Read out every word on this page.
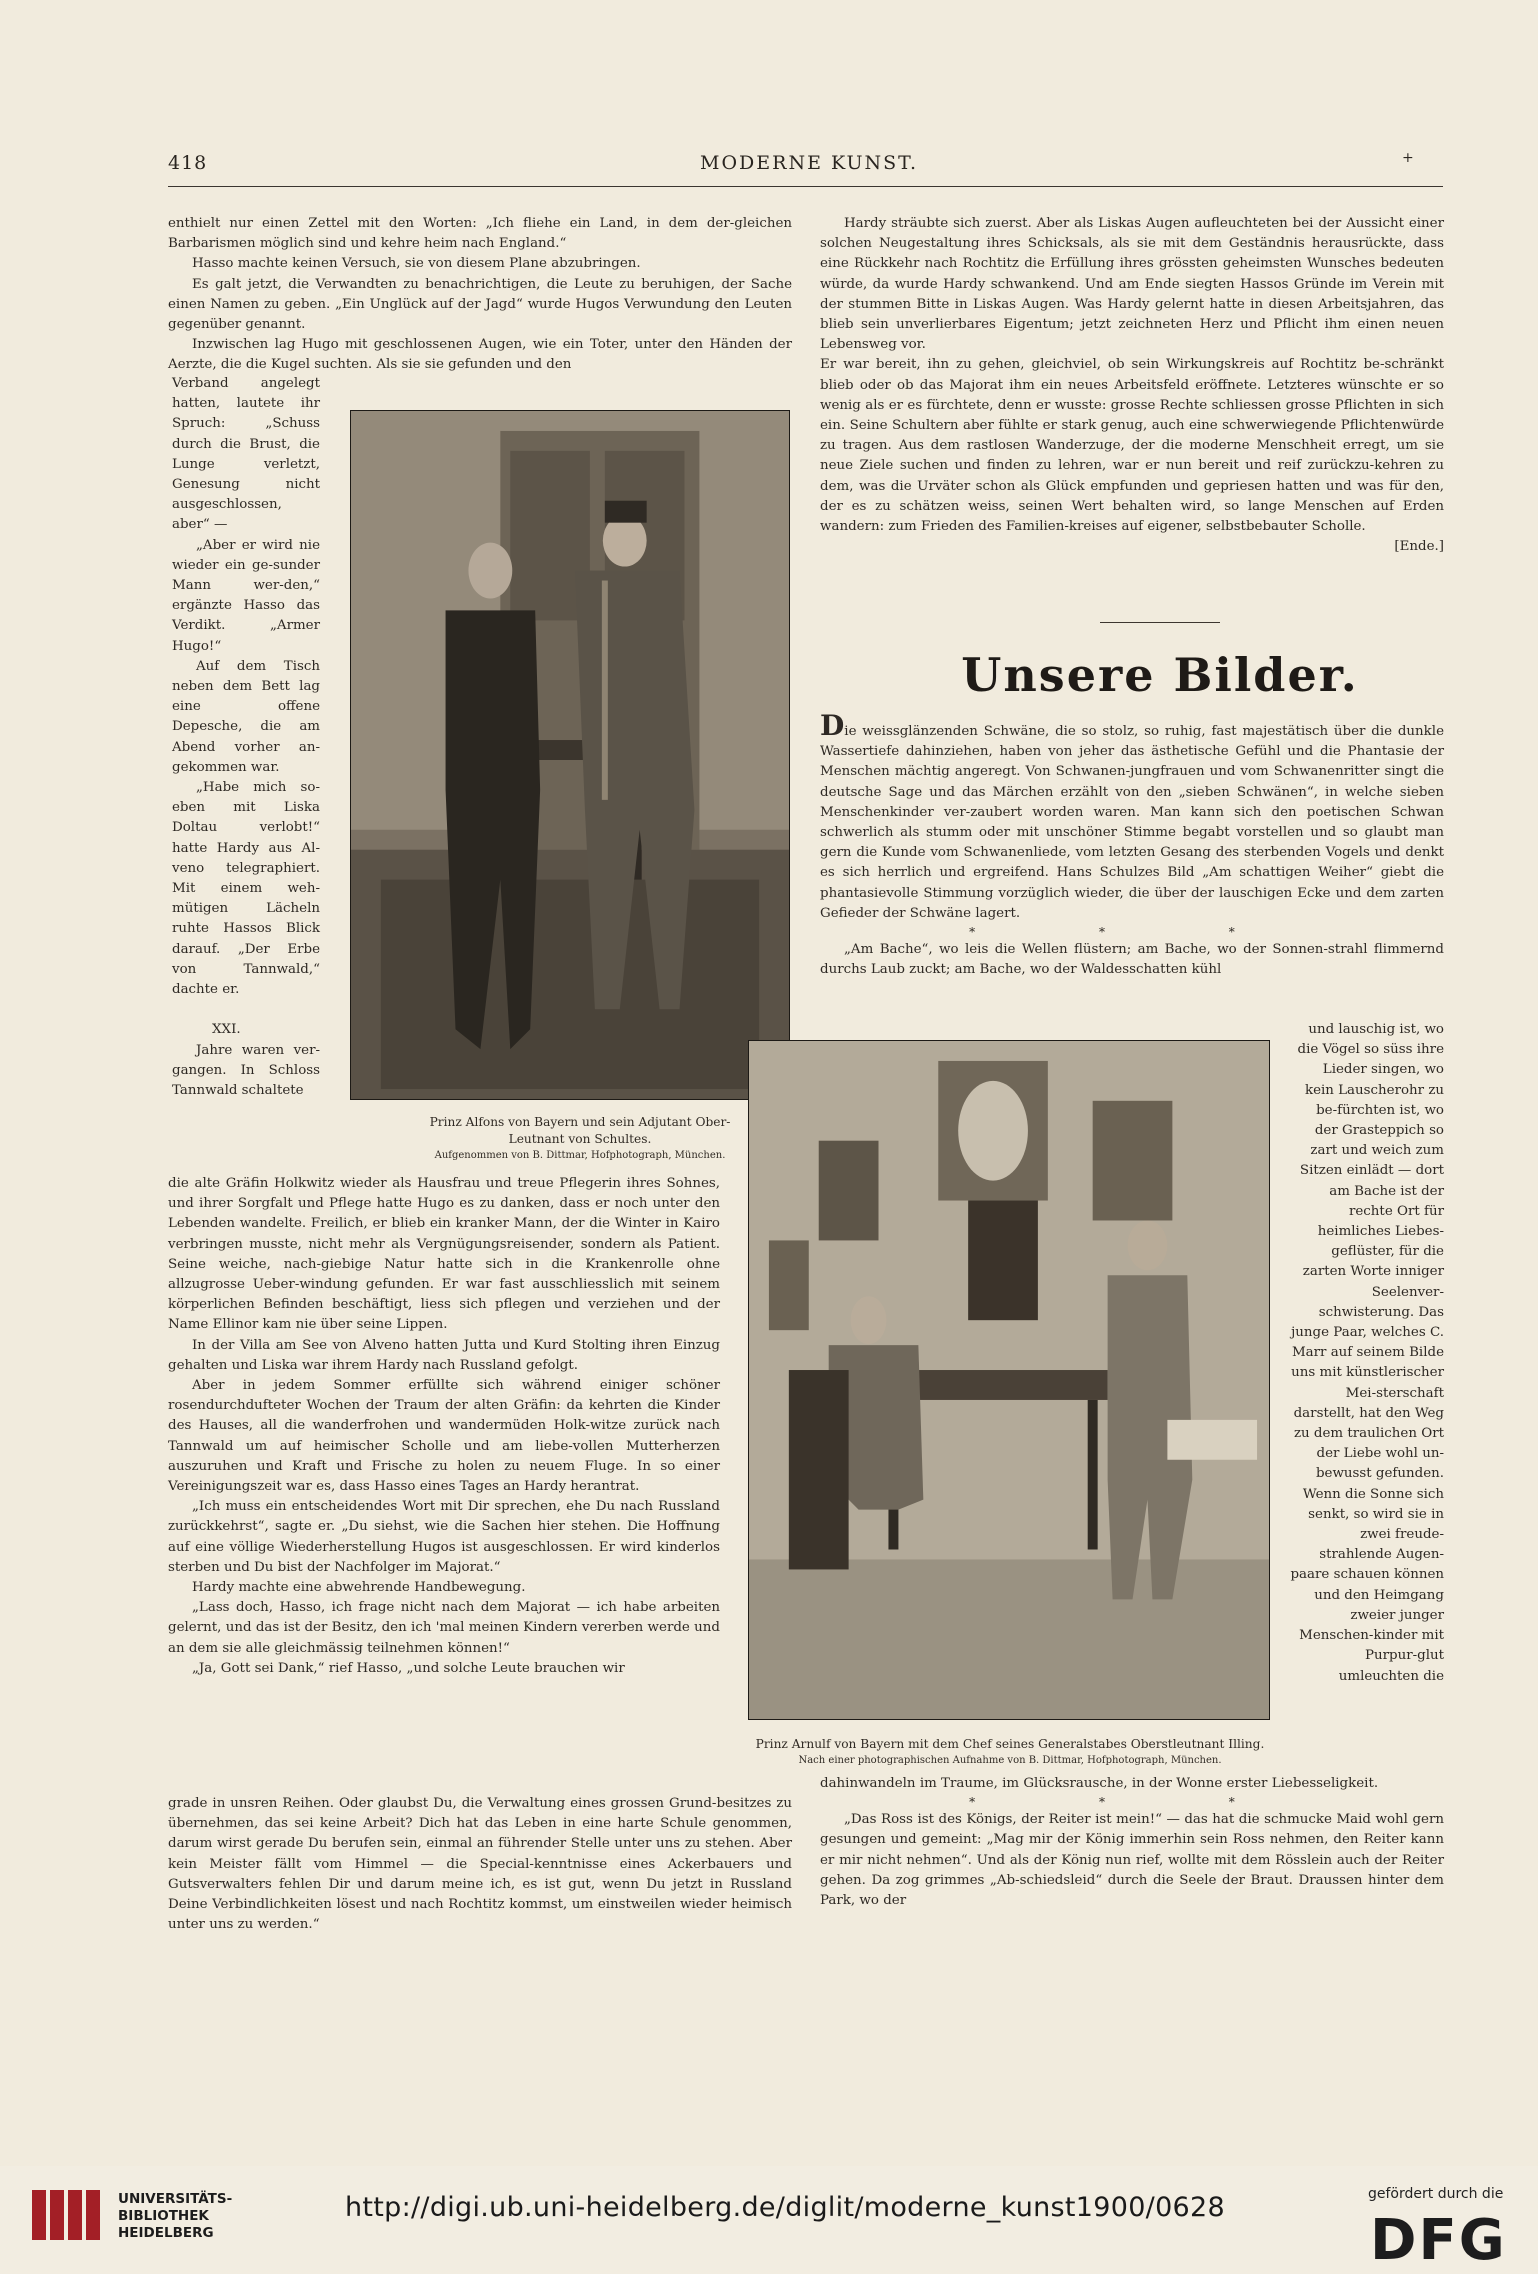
418	MODERNE KUNST.	+

enthielt nur einen Zettel mit den Worten: „Ich fliehe ein Land, in dem der-gleichen Barbarismen möglich sind und kehre heim nach England.“

Hasso machte keinen Versuch, sie von diesem Plane abzubringen.

Es galt jetzt, die Verwandten zu benachrichtigen, die Leute zu beruhigen, der Sache einen Namen zu geben. „Ein Unglück auf der Jagd“ wurde Hugos Verwundung den Leuten gegenüber genannt.

Inzwischen lag Hugo mit geschlossenen Augen, wie ein Toter, unter den Händen der Aerzte, die die Kugel suchten. Als sie sie gefunden und den

Verband angelegt hatten, lautete ihr Spruch: „Schuss durch die Brust, die Lunge verletzt, Genesung nicht ausgeschlossen, aber“ —

„Aber er wird nie wieder ein ge-sunder Mann wer-den,“ ergänzte Hasso das Verdikt. „Armer Hugo!“

Auf dem Tisch neben dem Bett lag eine offene Depesche, die am Abend vorher an-gekommen war.

„Habe mich so-eben mit Liska Doltau verlobt!“ hatte Hardy aus Al-veno telegraphiert. Mit einem weh-mütigen Lächeln ruhte Hassos Blick darauf. „Der Erbe von Tannwald,“ dachte er.

XXI.

Jahre waren ver-gangen. In Schloss Tannwald schaltete

Prinz Alfons von Bayern und sein Adjutant Ober-
Leutnant von Schultes.
Aufgenommen von B. Dittmar, Hofphotograph, München.

die alte Gräfin Holkwitz wieder als Hausfrau und treue Pflegerin ihres Sohnes, und ihrer Sorgfalt und Pflege hatte Hugo es zu danken, dass er noch unter den Lebenden wandelte. Freilich, er blieb ein kranker Mann, der die Winter in Kairo verbringen musste, nicht mehr als Vergnügungsreisender, sondern als Patient. Seine weiche, nach-giebige Natur hatte sich in die Krankenrolle ohne allzugrosse Ueber-windung gefunden. Er war fast ausschliesslich mit seinem körperlichen Befinden beschäftigt, liess sich pflegen und verziehen und der Name Ellinor kam nie über seine Lippen.

In der Villa am See von Alveno hatten Jutta und Kurd Stolting ihren Einzug gehalten und Liska war ihrem Hardy nach Russland gefolgt.

Aber in jedem Sommer erfüllte sich während einiger schöner rosendurchdufteter Wochen der Traum der alten Gräfin: da kehrten die Kinder des Hauses, all die wanderfrohen und wandermüden Holk-witze zurück nach Tannwald um auf heimischer Scholle und am liebe-vollen Mutterherzen auszuruhen und Kraft und Frische zu holen zu neuem Fluge. In so einer Vereinigungszeit war es, dass Hasso eines Tages an Hardy herantrat.

„Ich muss ein entscheidendes Wort mit Dir sprechen, ehe Du nach Russland zurückkehrst“, sagte er. „Du siehst, wie die Sachen hier stehen. Die Hoffnung auf eine völlige Wiederherstellung Hugos ist ausgeschlossen. Er wird kinderlos sterben und Du bist der Nachfolger im Majorat.“

Hardy machte eine abwehrende Handbewegung.

„Lass doch, Hasso, ich frage nicht nach dem Majorat — ich habe arbeiten gelernt, und das ist der Besitz, den ich 'mal meinen Kindern vererben werde und an dem sie alle gleichmässig teilnehmen können!“

„Ja, Gott sei Dank,“ rief Hasso, „und solche Leute brauchen wir

grade in unsren Reihen. Oder glaubst Du, die Verwaltung eines grossen Grund-besitzes zu übernehmen, das sei keine Arbeit? Dich hat das Leben in eine harte Schule genommen, darum wirst gerade Du berufen sein, einmal an führender Stelle unter uns zu stehen. Aber kein Meister fällt vom Himmel — die Special-kenntnisse eines Ackerbauers und Gutsverwalters fehlen Dir und darum meine ich, es ist gut, wenn Du jetzt in Russland Deine Verbindlichkeiten lösest und nach Rochtitz kommst, um einstweilen wieder heimisch unter uns zu werden.“

Hardy sträubte sich zuerst. Aber als Liskas Augen aufleuchteten bei der Aussicht einer solchen Neugestaltung ihres Schicksals, als sie mit dem Geständnis herausrückte, dass eine Rückkehr nach Rochtitz die Erfüllung ihres grössten geheimsten Wunsches bedeuten würde, da wurde Hardy schwankend. Und am Ende siegten Hassos Gründe im Verein mit der stummen Bitte in Liskas Augen. Was Hardy gelernt hatte in diesen Arbeitsjahren, das blieb sein unverlierbares Eigentum; jetzt zeichneten Herz und Pflicht ihm einen neuen Lebensweg vor.

Er war bereit, ihn zu gehen, gleichviel, ob sein Wirkungskreis auf Rochtitz be-schränkt blieb oder ob das Majorat ihm ein neues Arbeitsfeld eröffnete. Letzteres wünschte er so wenig als er es fürchtete, denn er wusste: grosse Rechte schliessen grosse Pflichten in sich ein. Seine Schultern aber fühlte er stark genug, auch eine schwerwiegende Pflichtenwürde zu tragen. Aus dem rastlosen Wanderzuge, der die moderne Menschheit erregt, um sie neue Ziele suchen und finden zu lehren, war er nun bereit und reif zurückzu-kehren zu dem, was die Urväter schon als Glück empfunden und gepriesen hatten und was für den, der es zu schätzen weiss, seinen Wert behalten wird, so lange Menschen auf Erden wandern: zum Frieden des Familien-kreises auf eigener, selbstbebauter Scholle.

[Ende.]
Unsere Bilder.

Die weissglänzenden Schwäne, die so stolz, so ruhig, fast majestätisch über die dunkle Wassertiefe dahinziehen, haben von jeher das ästhetische Gefühl und die Phantasie der Menschen mächtig angeregt. Von Schwanen-jungfrauen und vom Schwanenritter singt die deutsche Sage und das Märchen erzählt von den „sieben Schwänen“, in welche sieben Menschenkinder ver-zaubert worden waren. Man kann sich den poetischen Schwan schwerlich als stumm oder mit unschöner Stimme begabt vorstellen und so glaubt man gern die Kunde vom Schwanenliede, vom letzten Gesang des sterbenden Vogels und denkt es sich herrlich und ergreifend. Hans Schulzes Bild „Am schattigen Weiher“ giebt die phantasievolle Stimmung vorzüglich wieder, die über der lauschigen Ecke und dem zarten Gefieder der Schwäne lagert.

* * *

„Am Bache“, wo leis die Wellen flüstern; am Bache, wo der Sonnen-strahl flimmernd durchs Laub zuckt; am Bache, wo der Waldesschatten kühl

Prinz Arnulf von Bayern mit dem Chef seines Generalstabes Oberstleutnant Illing.
Nach einer photographischen Aufnahme von B. Dittmar, Hofphotograph, München.

und lauschig ist, wo die Vögel so süss ihre Lieder singen, wo kein Lauscherohr zu be-fürchten ist, wo der Grasteppich so zart und weich zum Sitzen einlädt — dort am Bache ist der rechte Ort für heimliches Liebes-geflüster, für die zarten Worte inniger Seelenver-schwisterung. Das junge Paar, welches C. Marr auf seinem Bilde uns mit künstlerischer Mei-sterschaft darstellt, hat den Weg zu dem traulichen Ort der Liebe wohl un-bewusst gefunden. Wenn die Sonne sich senkt, so wird sie in zwei freude-strahlende Augen-paare schauen können und den Heimgang zweier junger Menschen-kinder mit Purpur-glut umleuchten die

dahinwandeln im Traume, im Glücksrausche, in der Wonne erster Liebesseligkeit.

* * *

„Das Ross ist des Königs, der Reiter ist mein!“ — das hat die schmucke Maid wohl gern gesungen und gemeint: „Mag mir der König immerhin sein Ross nehmen, den Reiter kann er mir nicht nehmen“. Und als der König nun rief, wollte mit dem Rösslein auch der Reiter gehen. Da zog grimmes „Ab-schiedsleid“ durch die Seele der Braut. Draussen hinter dem Park, wo der

UNIVERSITÄTS-
BIBLIOTHEK
HEIDELBERG
http://digi.ub.uni-heidelberg.de/diglit/moderne_kunst1900/0628	gefördert durch die
DFG
